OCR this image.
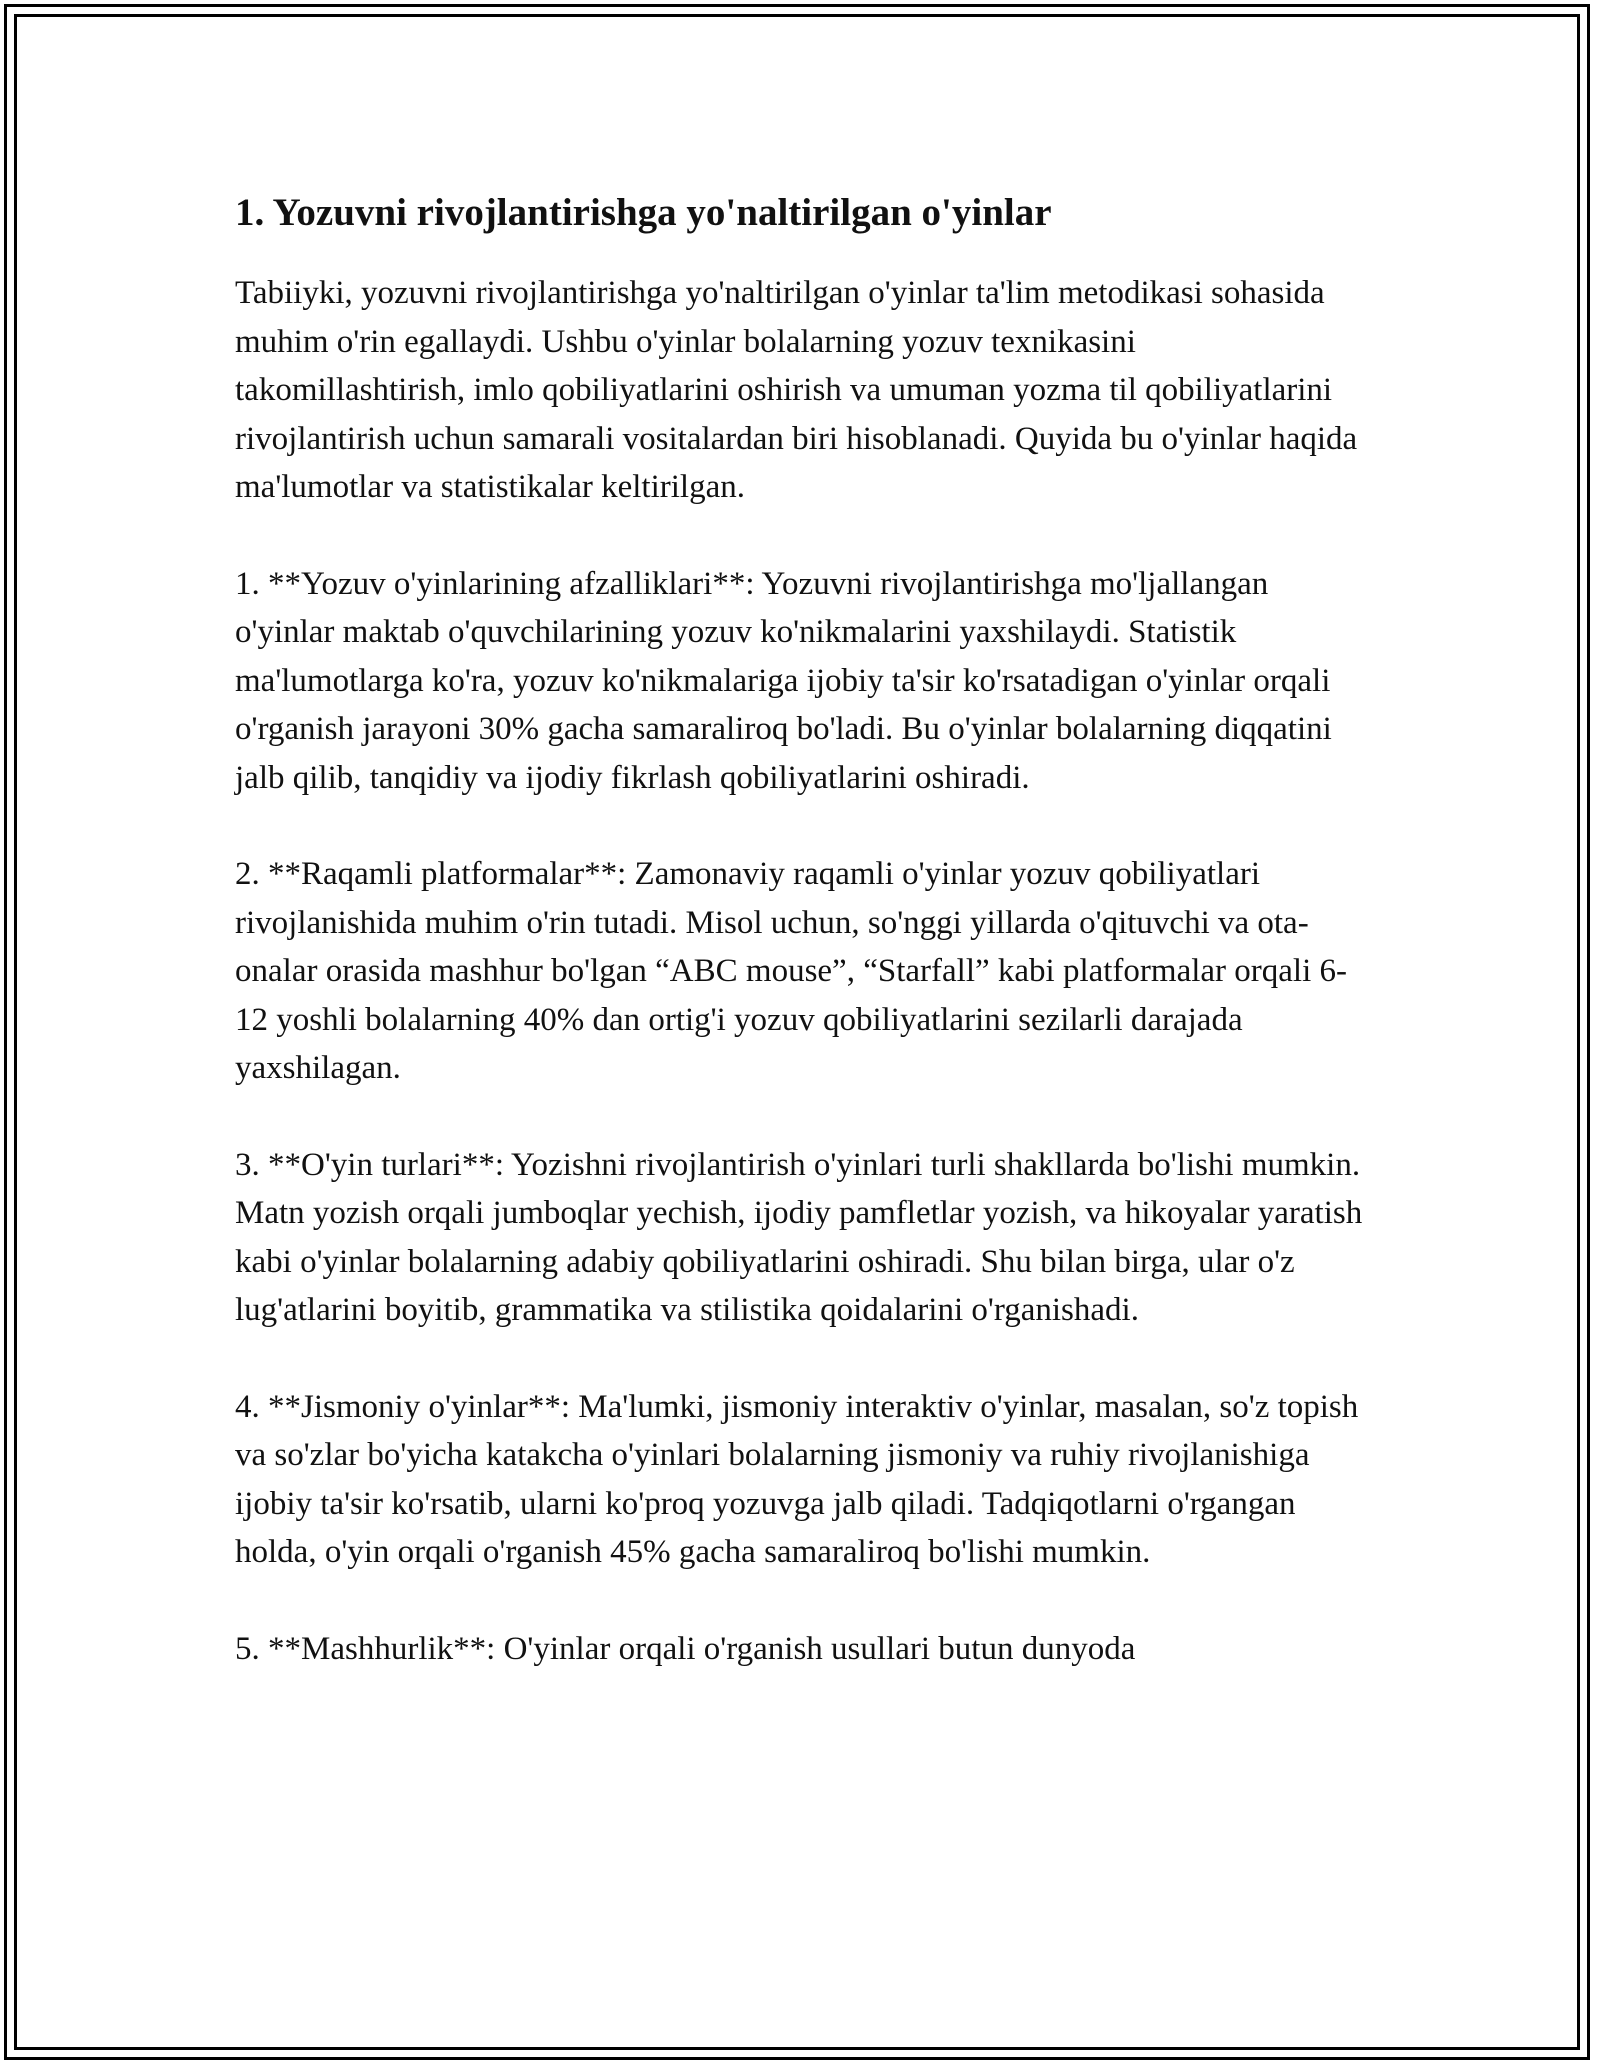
1. Yozuvni rivojlantirishga yo'naltirilgan o'yinlar

Tabiiyki, yozuvni rivojlantirishga yo'naltirilgan o'yinlar ta'lim metodikasi sohasida muhim o'rin egallaydi. Ushbu o'yinlar bolalarning yozuv texnikasini takomillashtirish, imlo qobiliyatlarini oshirish va umuman yozma til qobiliyatlarini rivojlantirish uchun samarali vositalardan biri hisoblanadi. Quyida bu o'yinlar haqida ma'lumotlar va statistikalar keltirilgan.

1. **Yozuv o'yinlarining afzalliklari**: Yozuvni rivojlantirishga mo'ljallangan o'yinlar maktab o'quvchilarining yozuv ko'nikmalarini yaxshilaydi. Statistik ma'lumotlarga ko'ra, yozuv ko'nikmalariga ijobiy ta'sir ko'rsatadigan o'yinlar orqali o'rganish jarayoni 30% gacha samaraliroq bo'ladi. Bu o'yinlar bolalarning diqqatini jalb qilib, tanqidiy va ijodiy fikrlash qobiliyatlarini oshiradi.

2. **Raqamli platformalar**: Zamonaviy raqamli o'yinlar yozuv qobiliyatlari rivojlanishida muhim o'rin tutadi. Misol uchun, so'nggi yillarda o'qituvchi va ota-onalar orasida mashhur bo'lgan “ABC mouse”, “Starfall” kabi platformalar orqali 6-12 yoshli bolalarning 40% dan ortig'i yozuv qobiliyatlarini sezilarli darajada yaxshilagan.

3. **O'yin turlari**: Yozishni rivojlantirish o'yinlari turli shakllarda bo'lishi mumkin. Matn yozish orqali jumboqlar yechish, ijodiy pamfletlar yozish, va hikoyalar yaratish kabi o'yinlar bolalarning adabiy qobiliyatlarini oshiradi. Shu bilan birga, ular o'z lug'atlarini boyitib, grammatika va stilistika qoidalarini o'rganishadi.

4. **Jismoniy o'yinlar**: Ma'lumki, jismoniy interaktiv o'yinlar, masalan, so'z topish va so'zlar bo'yicha katakcha o'yinlari bolalarning jismoniy va ruhiy rivojlanishiga ijobiy ta'sir ko'rsatib, ularni ko'proq yozuvga jalb qiladi. Tadqiqotlarni o'rgangan holda, o'yin orqali o'rganish 45% gacha samaraliroq bo'lishi mumkin.

5. **Mashhurlik**: O'yinlar orqali o'rganish usullari butun dunyoda
